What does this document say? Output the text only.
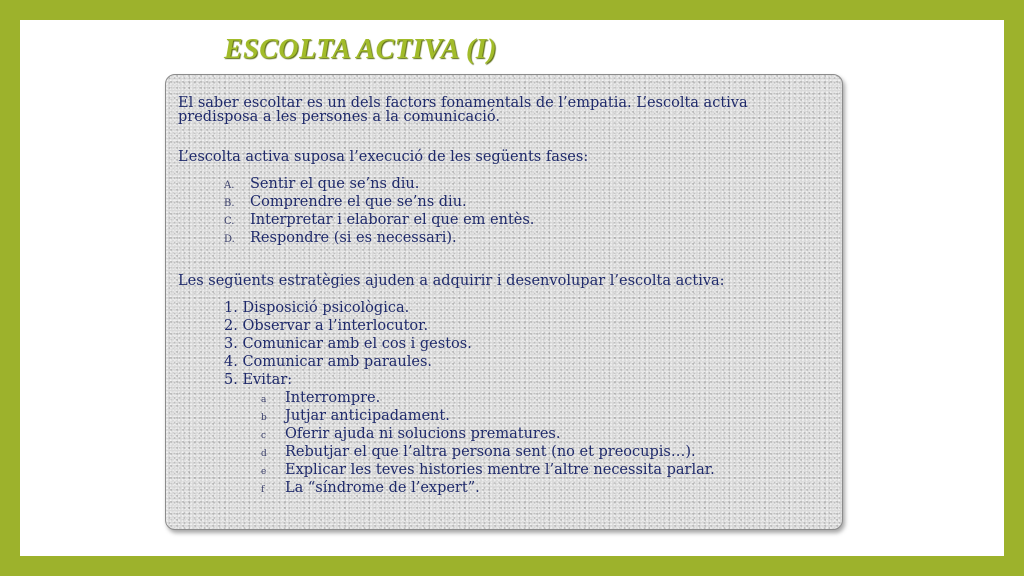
ESCOLTA ACTIVA (I)
El saber escoltar es un dels factors fonamentals de l’empatia. L’escolta activa
predisposa a les persones a la comunicació.
L’escolta activa suposa l’execució de les següents fases:
A. Sentir el que se’ns diu.
B. Comprendre el que se’ns diu.
C. Interpretar i elaborar el que em entès.
D. Respondre (si es necessari).
Les següents estratègies ajuden a adquirir i desenvolupar l’escolta activa:
1. Disposició psicològica.
2. Observar a l’interlocutor.
3. Comunicar amb el cos i gestos.
4. Comunicar amb paraules.
5. Evitar:
a Interrompre.
b Jutjar anticipadament.
c Oferir ajuda ni solucions prematures.
d Rebutjar el que l’altra persona sent (no et preocupis…).
e Explicar les teves histories mentre l’altre necessita parlar.
f La “síndrome de l’expert”.
